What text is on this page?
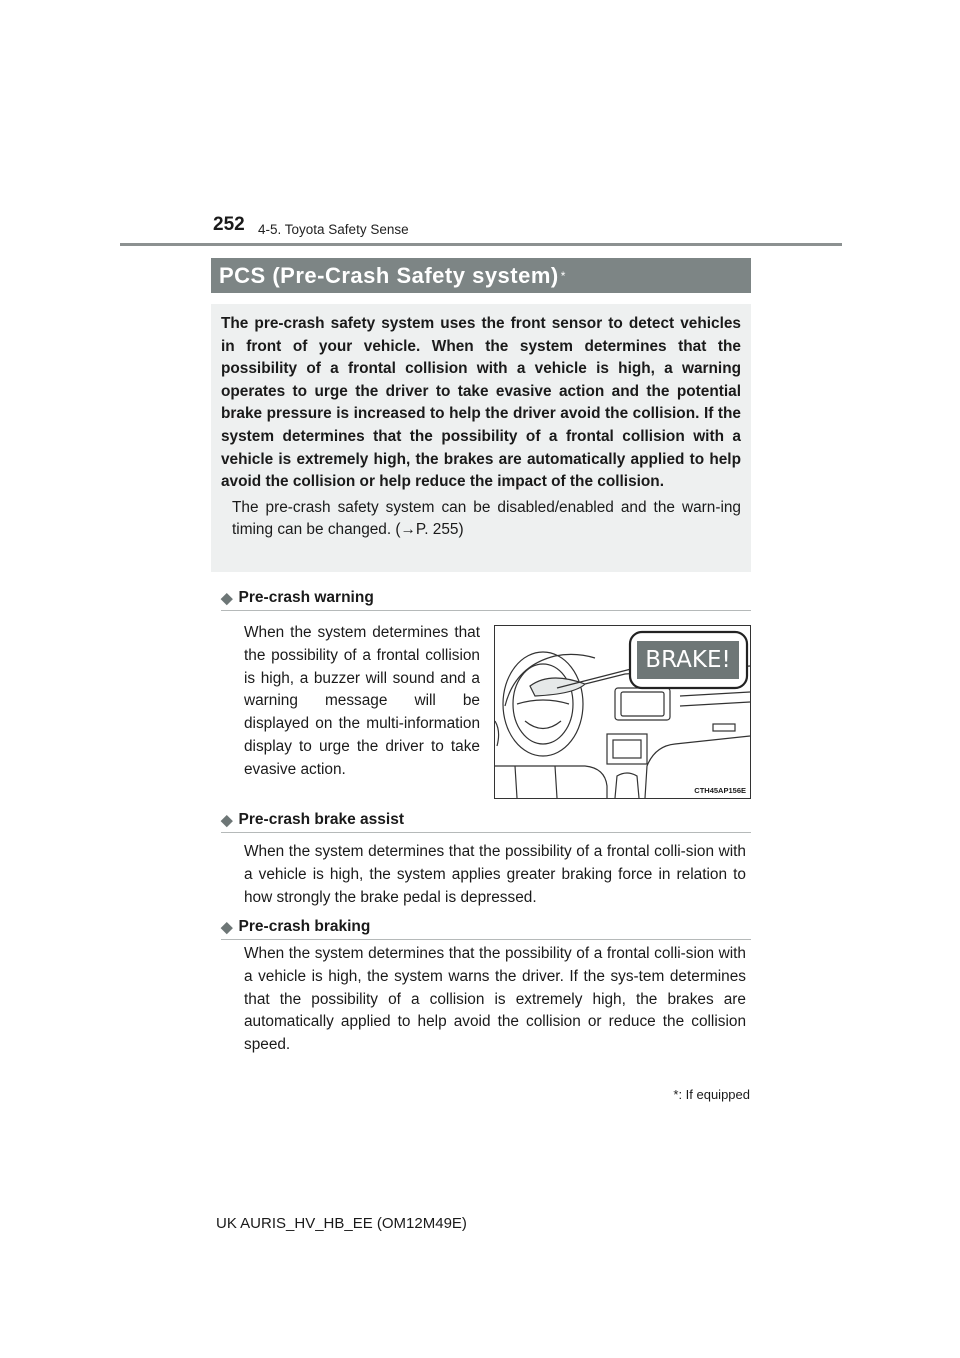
252 4-5. Toyota Safety Sense
PCS (Pre-Crash Safety system) *

The pre-crash safety system uses the front sensor to detect vehicles in front of your vehicle. When the system determines that the possibility of a frontal collision with a vehicle is high, a warning operates to urge the driver to take evasive action and the potential brake pressure is increased to help the driver avoid the collision. If the system determines that the possibility of a frontal collision with a vehicle is extremely high, the brakes are automatically applied to help avoid the collision or help reduce the impact of the collision.

The pre-crash safety system can be disabled/enabled and the warn-ing timing can be changed. (→P. 255)

◆ Pre-crash warning

When the system determines that the possibility of a frontal collision is high, a buzzer will sound and a warning message will be displayed on the multi-information display to urge the driver to take evasive action.

BRAKE!
CTH45AP156E
◆ Pre-crash brake assist

When the system determines that the possibility of a frontal colli-sion with a vehicle is high, the system applies greater braking force in relation to how strongly the brake pedal is depressed.

◆ Pre-crash braking

When the system determines that the possibility of a frontal colli-sion with a vehicle is high, the system warns the driver. If the sys-tem determines that the possibility of a collision is extremely high, the brakes are automatically applied to help avoid the collision or reduce the collision speed.

*: If equipped
UK AURIS_HV_HB_EE (OM12M49E)
